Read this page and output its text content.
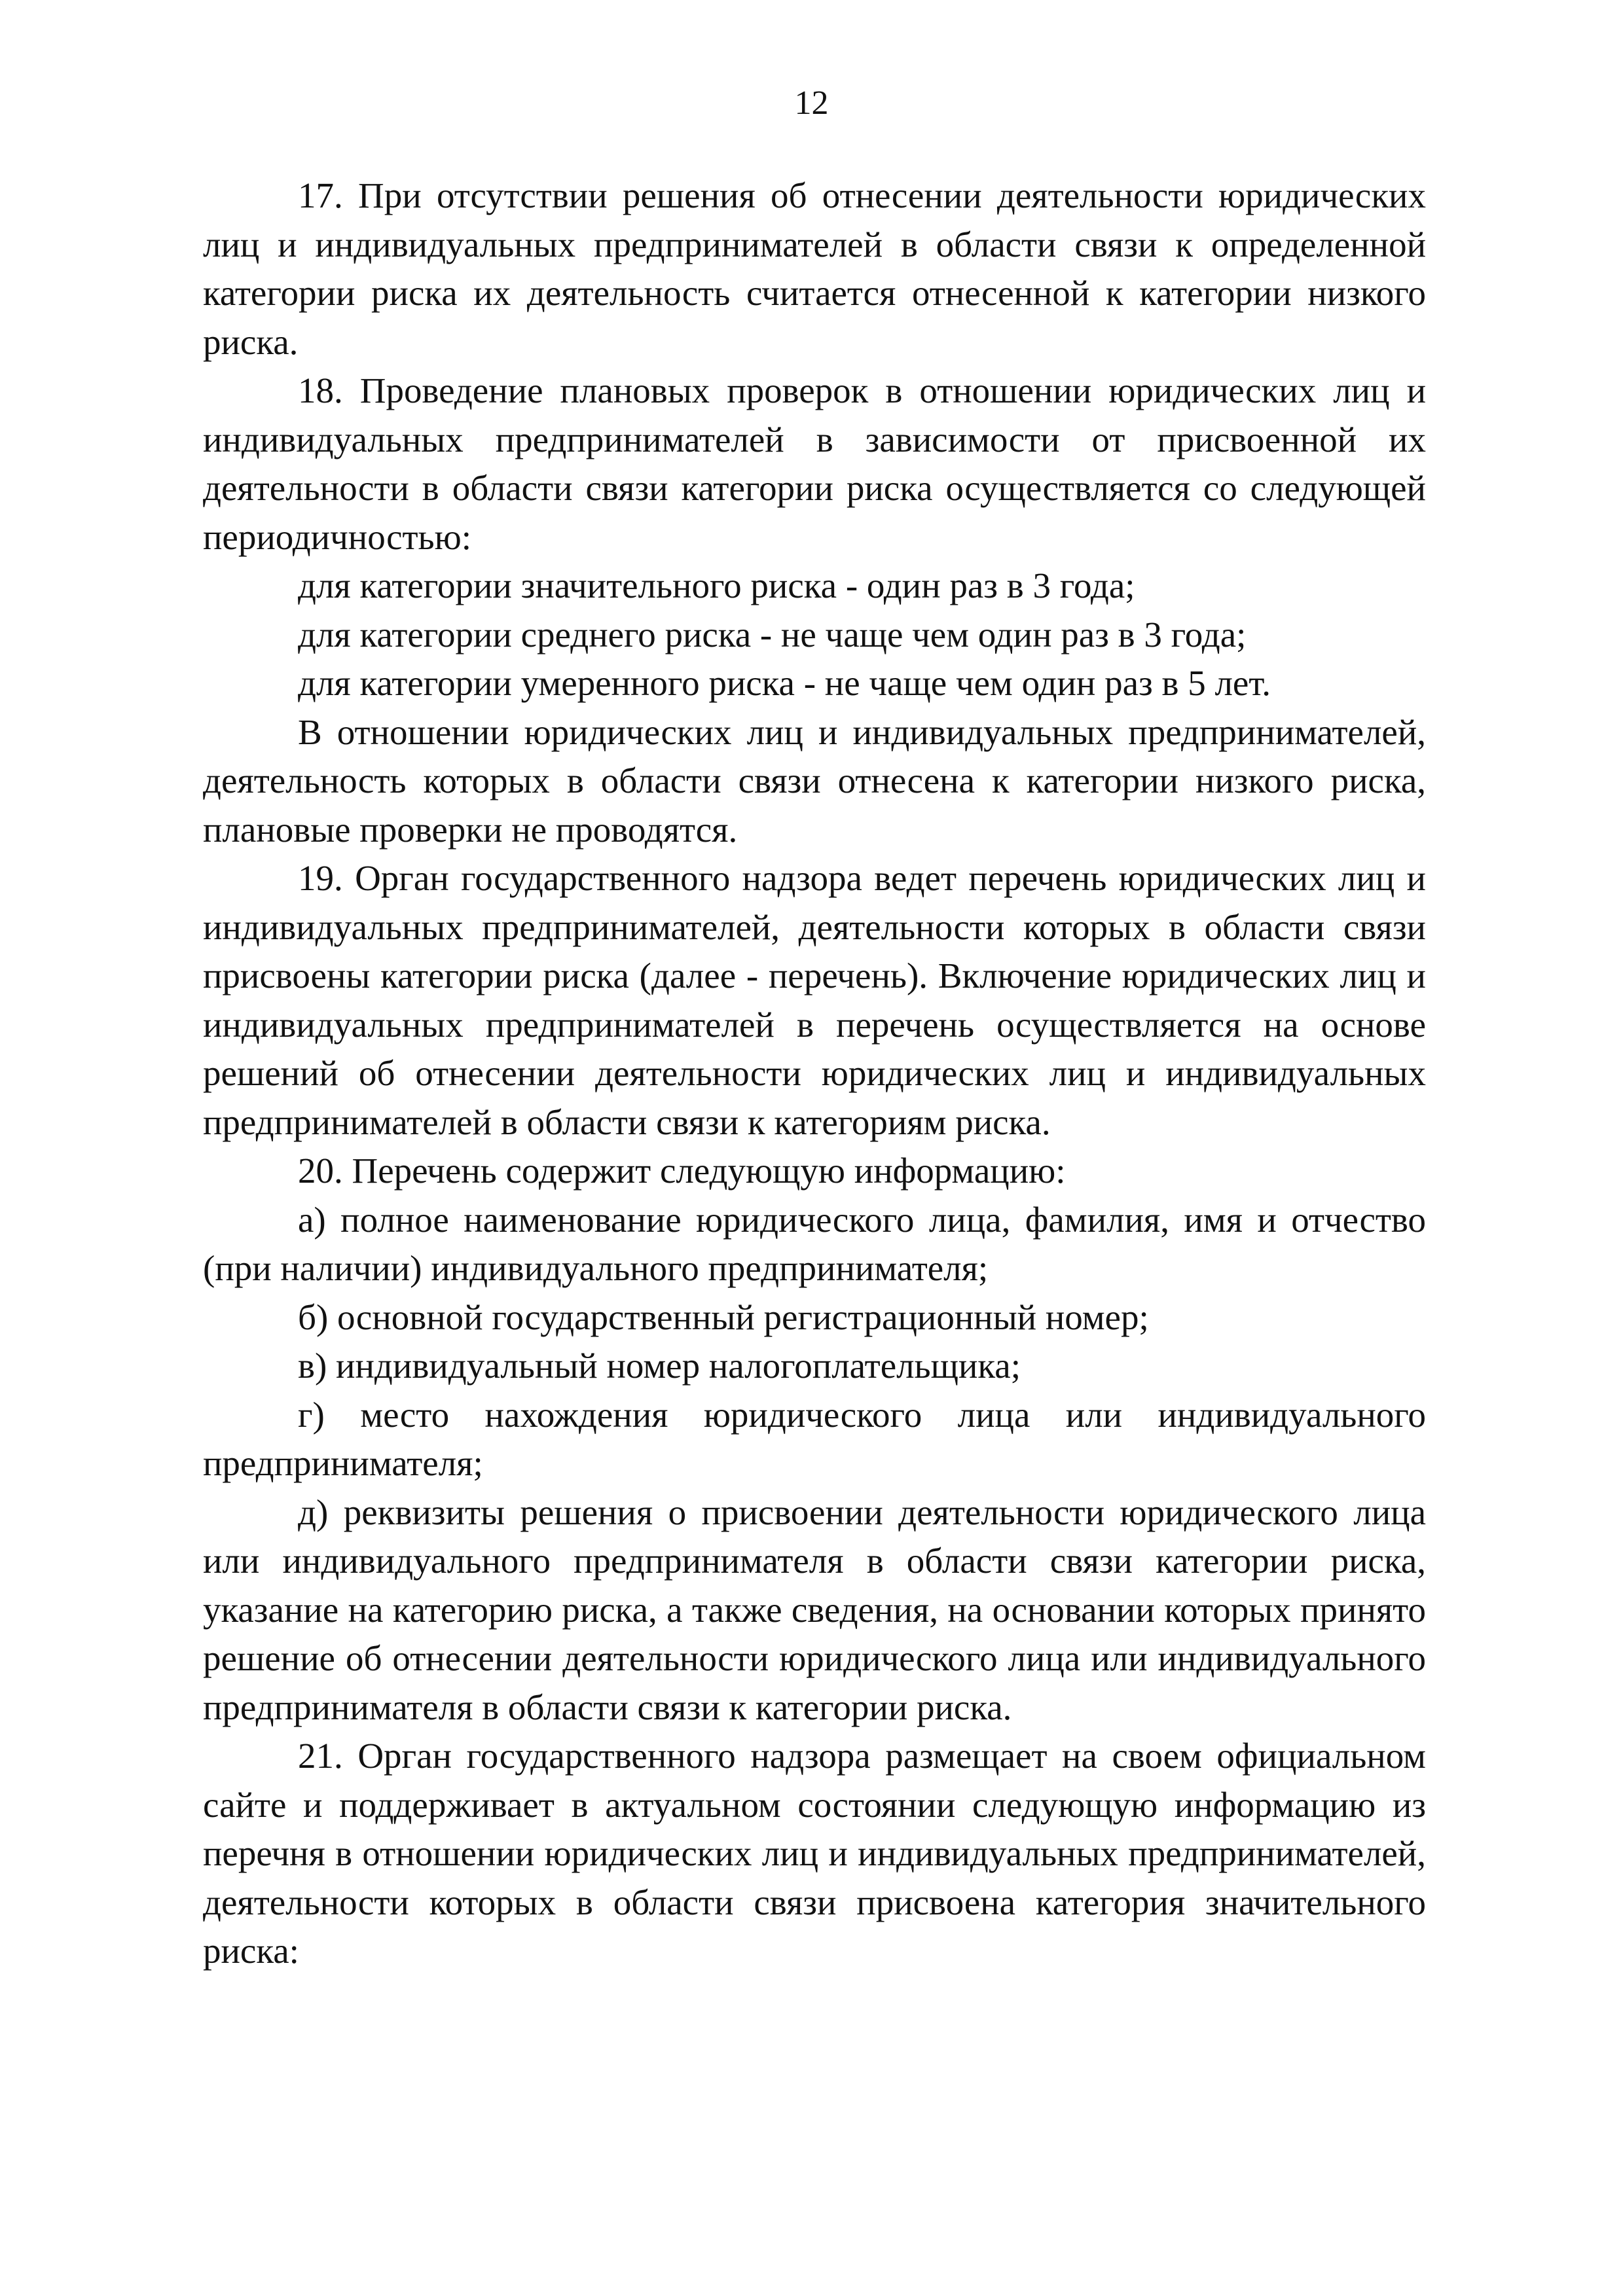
12

17. При отсутствии решения об отнесении деятельности юридических лиц и индивидуальных предпринимателей в области связи к определенной категории риска их деятельность считается отнесенной к категории низкого риска.

18. Проведение плановых проверок в отношении юридических лиц и индивидуальных предпринимателей в зависимости от присвоенной их деятельности в области связи категории риска осуществляется со следующей периодичностью:

для категории значительного риска - один раз в 3 года;

для категории среднего риска - не чаще чем один раз в 3 года;

для категории умеренного риска - не чаще чем один раз в 5 лет.

В отношении юридических лиц и индивидуальных предпринимателей, деятельность которых в области связи отнесена к категории низкого риска, плановые проверки не проводятся.

19. Орган государственного надзора ведет перечень юридических лиц и индивидуальных предпринимателей, деятельности которых в области связи присвоены категории риска (далее - перечень). Включение юридических лиц и индивидуальных предпринимателей в перечень осуществляется на основе решений об отнесении деятельности юридических лиц и индивидуальных предпринимателей в области связи к категориям риска.

20. Перечень содержит следующую информацию:

а) полное наименование юридического лица, фамилия, имя и отчество (при наличии) индивидуального предпринимателя;

б) основной государственный регистрационный номер;

в) индивидуальный номер налогоплательщика;

г) место нахождения юридического лица или индивидуального предпринимателя;

д) реквизиты решения о присвоении деятельности юридического лица или индивидуального предпринимателя в области связи категории риска, указание на категорию риска, а также сведения, на основании которых принято решение об отнесении деятельности юридического лица или индивидуального предпринимателя в области связи к категории риска.

21. Орган государственного надзора размещает на своем официальном сайте и поддерживает в актуальном состоянии следующую информацию из перечня в отношении юридических лиц и индивидуальных предпринимателей, деятельности которых в области связи присвоена категория значительного риска:
